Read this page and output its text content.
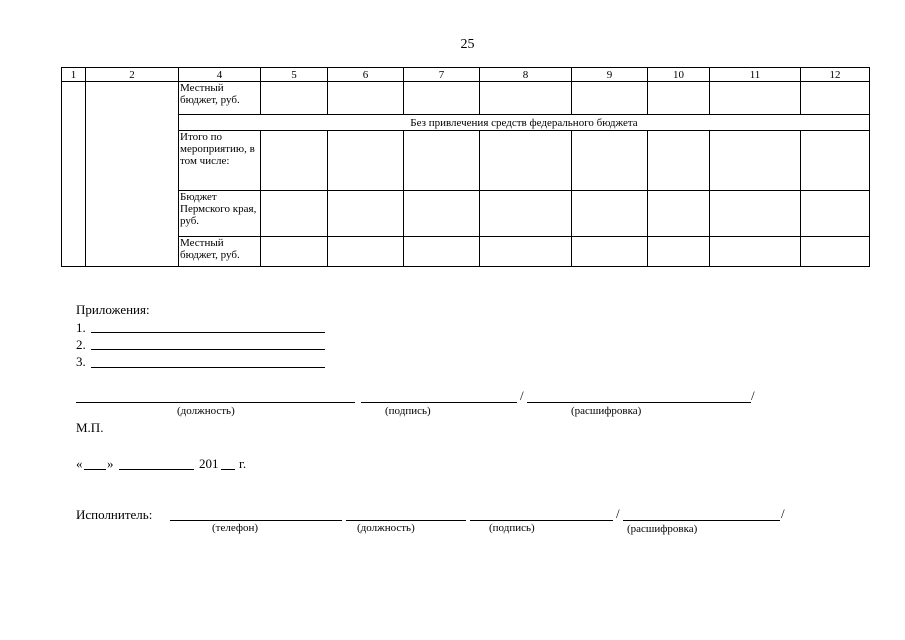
25
1	2	4	5	6	7	8	9	10	11	12
		Местный бюджет, руб.								
		Без привлечения средств федерального бюджета								
		Итого по мероприятию, в том числе:								
		Бюджет Пермского края, руб.								
		Местный бюджет, руб.								
Приложения:
1.
2.
3.
/	/
(должность)	(подпись)	(расшифровка)
М.П.
« »	201 г.
Исполнитель:	/	/
(телефон)	(должность)	(подпись)	(расшифровка)
